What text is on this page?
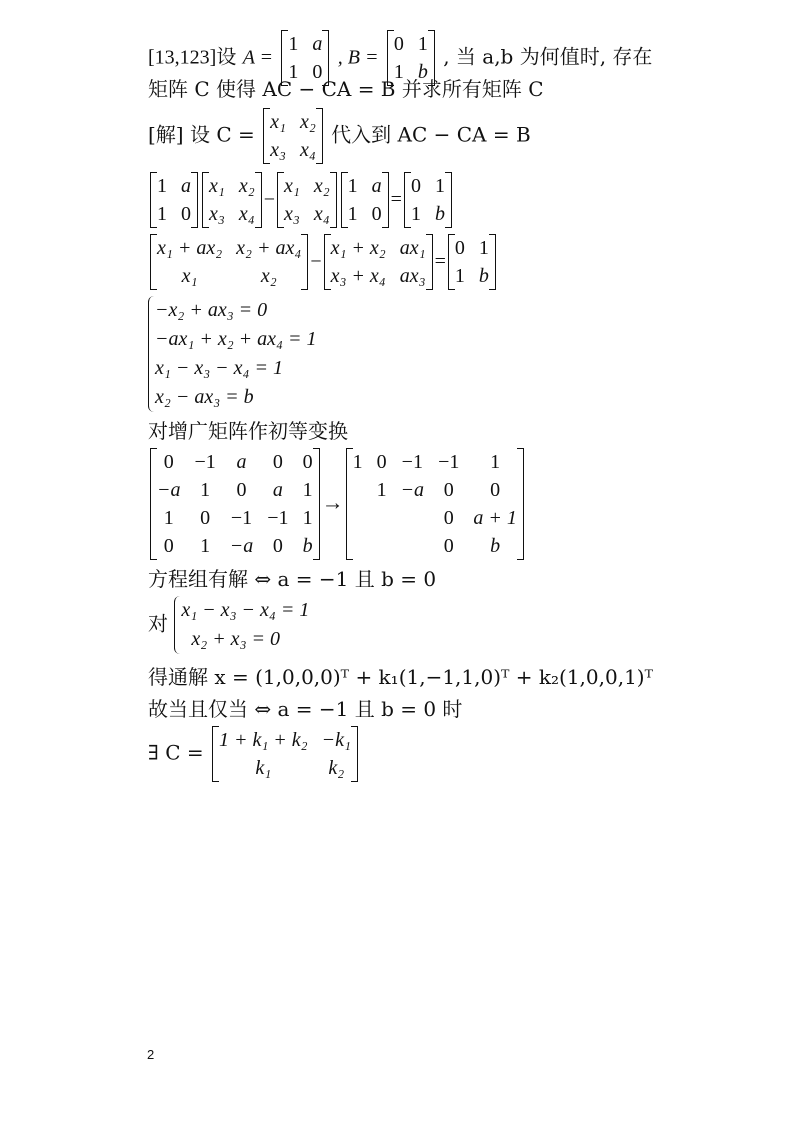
[13,123]设 A =
1	a
1	0
, B =
0	1
1	b
, 当 a,b 为何值时, 存在
矩阵 C 使得 AC − CA = B 并求所有矩阵 C
[解] 设 C =
x₁	x₂
x₃	x₄
代入到 AC − CA = B
1	a
1	0
x₁	x₂
x₃	x₄
−
x₁	x₂
x₃	x₄
1	a
1	0
=
0	1
1	b
x₁ + ax₂	x₂ + ax₄
x₁	x₂
−
x₁ + x₂	ax₁
x₃ + x₄	ax₃
=
0	1
1	b
−x₂ + ax₃ = 0
−ax₁ + x₂ + ax₄ = 1
x₁ − x₃ − x₄ = 1
x₂ − ax₃ = b
对增广矩阵作初等变换
0	−1	a	0	0
−a	1	0	a	1
1	0	−1	−1	1
0	1	−a	0	b
→
1	0	−1	−1	1
	1	−a	0	0
			0	a + 1
			0	b
方程组有解 ⇔ a = −1 且 b = 0
对
x₁ − x₃ − x₄ = 1
x₂ + x₃ = 0
得通解 x = (1,0,0,0)ᵀ + k₁(1,−1,1,0)ᵀ + k₂(1,0,0,1)ᵀ
故当且仅当 ⇔ a = −1 且 b = 0 时
∃ C =
1 + k₁ + k₂	−k₁
k₁	k₂
2
